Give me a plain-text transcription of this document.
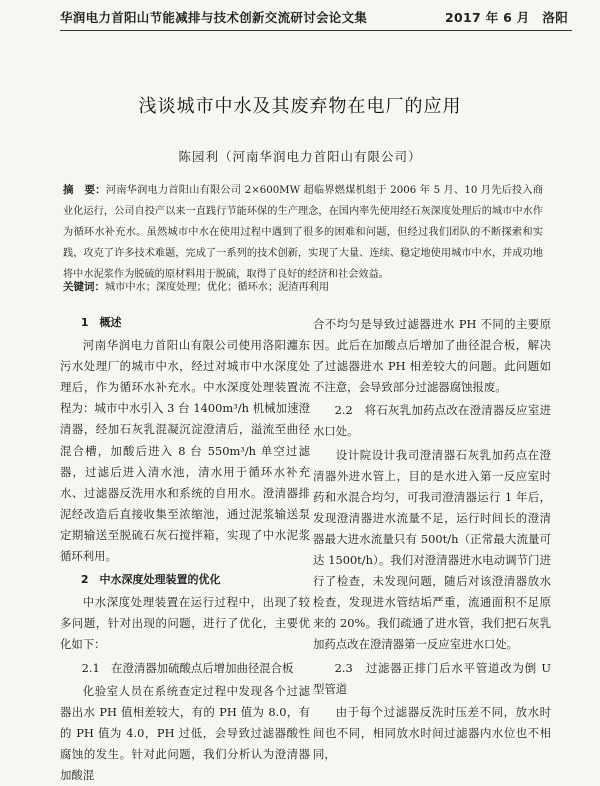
华润电力首阳山节能减排与技术创新交流研讨会论文集	2017 年 6 月　洛阳
浅谈城市中水及其废弃物在电厂的应用
陈园利（河南华润电力首阳山有限公司）
摘　要：河南华润电力首阳山有限公司 2×600MW 超临界燃煤机组于 2006 年 5 月、10 月先后投入商业化运行，公司自投产以来一直践行节能环保的生产理念，在国内率先使用经石灰深度处理后的城市中水作为循环水补充水。虽然城市中水在使用过程中遇到了很多的困难和问题，但经过我们团队的不断探索和实践，攻克了许多技术难题，完成了一系列的技术创新，实现了大量、连续、稳定地使用城市中水，并成功地将中水泥浆作为脱硫的原材料用于脱硫，取得了良好的经济和社会效益。
关键词：城市中水；深度处理；优化；循环水；泥渣再利用
1　概述

河南华润电力首阳山有限公司使用洛阳瀍东污水处理厂的城市中水，经过对城市中水深度处理后，作为循环水补充水。中水深度处理装置流程为：城市中水引入 3 台 1400m³/h 机械加速澄清器，经加石灰乳混凝沉淀澄清后，溢流至曲径混合槽，加酸后进入 8 台 550m³/h 单空过滤器，过滤后进入清水池，清水用于循环水补充水、过滤器反洗用水和系统的自用水。澄清器排泥经改造后直接收集至浓缩池，通过泥浆输送泵定期输送至脱硫石灰石搅拌箱，实现了中水泥浆循环利用。

2　中水深度处理装置的优化

中水深度处理装置在运行过程中，出现了较多问题，针对出现的问题，进行了优化，主要优化如下：

2.1　在澄清器加硫酸点后增加曲径混合板

化验室人员在系统查定过程中发现各个过滤器出水 PH 值相差较大，有的 PH 值为 8.0，有的 PH 值为 4.0，PH 过低，会导致过滤器酸性腐蚀的发生。针对此问题，我们分析认为澄清器加酸混

合不均匀是导致过滤器进水 PH 不同的主要原因。此后在加酸点后增加了曲径混合板，解决了过滤器进水 PH 相差较大的问题。此问题如不注意，会导致部分过滤器腐蚀报废。

2.2　将石灰乳加药点改在澄清器反应室进水口处。

设计院设计我司澄清器石灰乳加药点在澄清器外进水管上，目的是水进入第一反应室时药和水混合均匀，可我司澄清器运行 1 年后，发现澄清器进水流量不足，运行时间长的澄清器最大进水流量只有 500t/h（正常最大流量可达 1500t/h）。我们对澄清器进水电动调节门进行了检查，未发现问题，随后对该澄清器放水检查，发现进水管结垢严重，流通面积不足原来的 20%。我们疏通了进水管，我们把石灰乳加药点改在澄清器第一反应室进水口处。

2.3　过滤器正排门后水平管道改为倒 U 型管道

由于每个过滤器反洗时压差不同，放水时间也不同，相同放水时间过滤器内水位也不相同，
